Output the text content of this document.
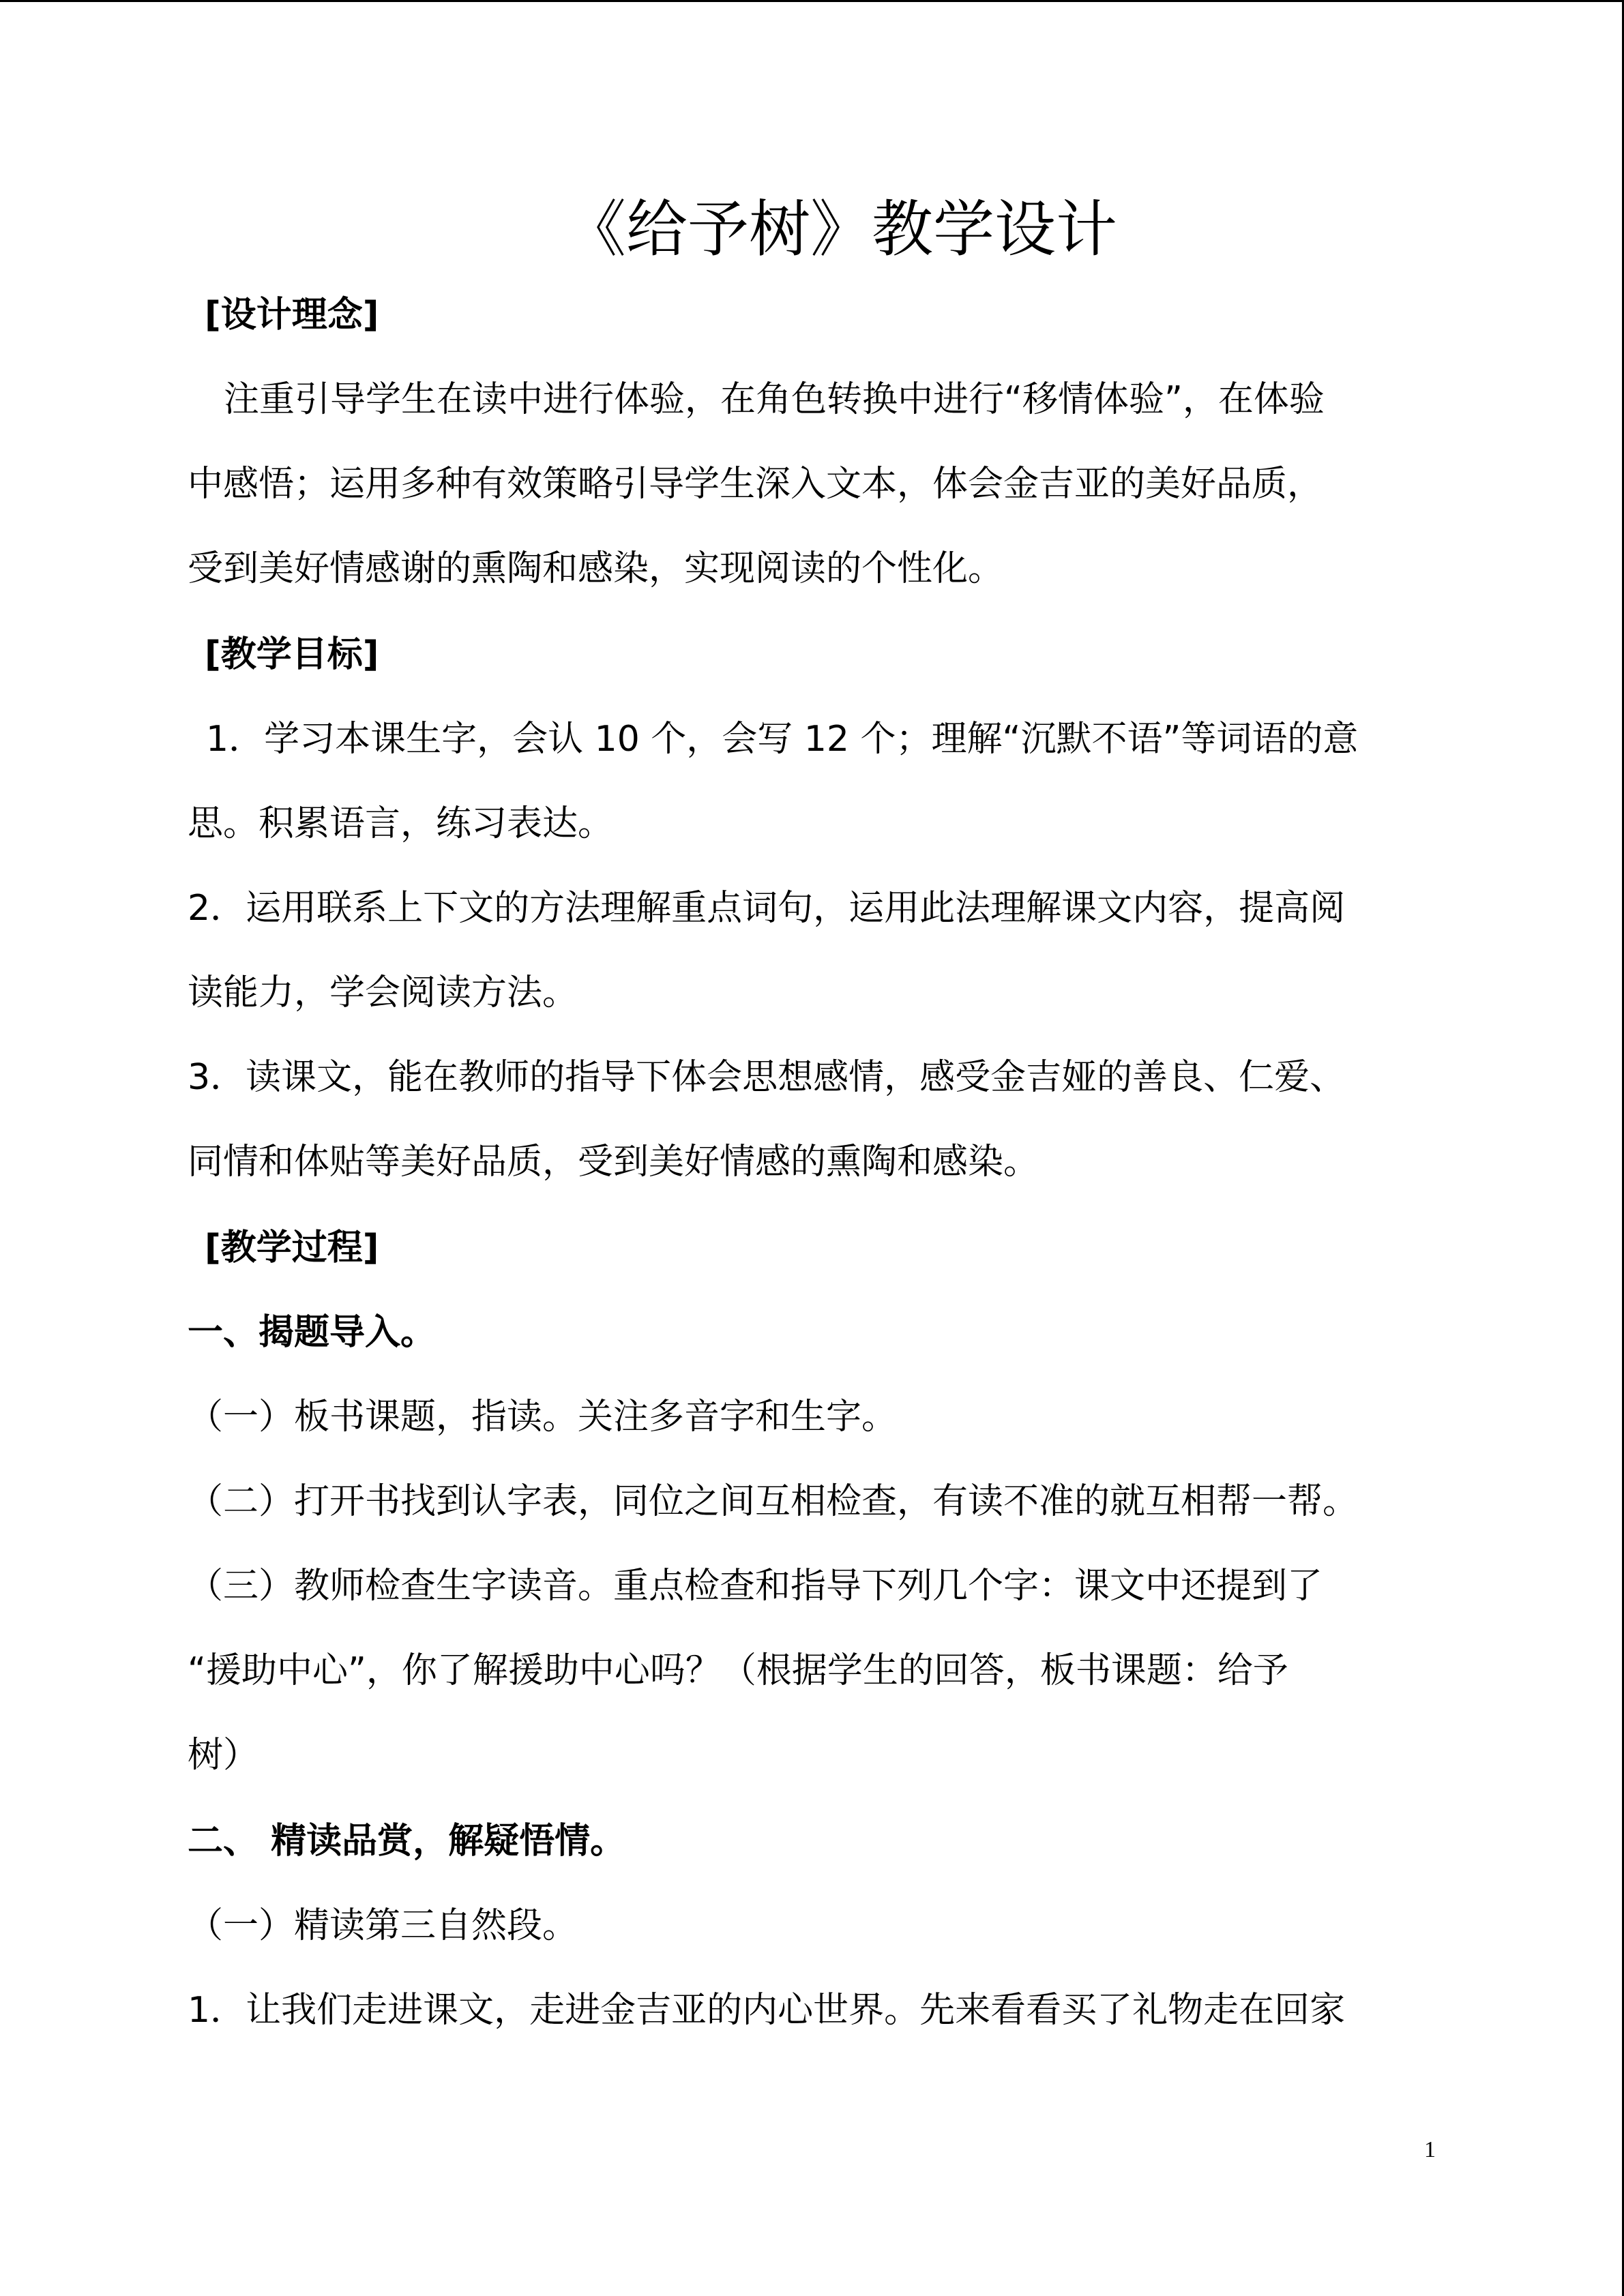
《给予树》教学设计
[设计理念]
注重引导学生在读中进行体验，在角色转换中进行“移情体验”，在体验
中感悟；运用多种有效策略引导学生深入文本，体会金吉亚的美好品质，
受到美好情感谢的熏陶和感染，实现阅读的个性化。
[教学目标]
1．学习本课生字，会认 10 个，会写 12 个；理解“沉默不语”等词语的意
思。积累语言，练习表达。
2．运用联系上下文的方法理解重点词句，运用此法理解课文内容，提高阅
读能力，学会阅读方法。
3．读课文，能在教师的指导下体会思想感情，感受金吉娅的善良、仁爱、
同情和体贴等美好品质，受到美好情感的熏陶和感染。
[教学过程]
一、揭题导入。
（一）板书课题，指读。关注多音字和生字。
（二）打开书找到认字表，同位之间互相检查，有读不准的就互相帮一帮。
（三）教师检查生字读音。重点检查和指导下列几个字：课文中还提到了
“援助中心”，你了解援助中心吗？（根据学生的回答，板书课题：给予
树）
二、 精读品赏，解疑悟情。
（一）精读第三自然段。
1．让我们走进课文，走进金吉亚的内心世界。先来看看买了礼物走在回家
1
